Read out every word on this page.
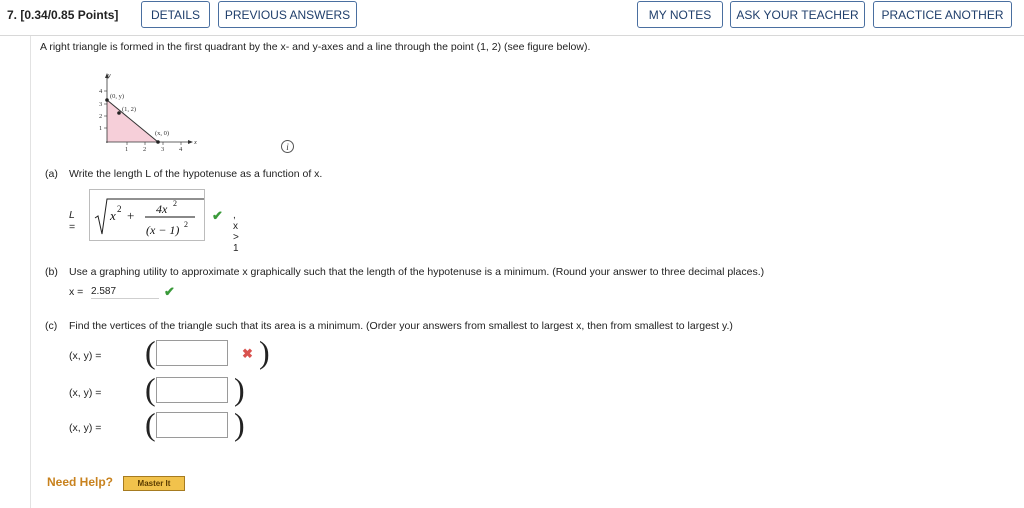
7. [0.34/0.85 Points]	DETAILS	PREVIOUS ANSWERS	MY NOTES	ASK YOUR TEACHER	PRACTICE ANOTHER
A right triangle is formed in the first quadrant by the x- and y-axes and a line through the point (1, 2) (see figure below).
y
x
4
3
2
1
1 2 3 4
(0, y)
(1, 2)
(x, 0)
i
(a) Write the length L of the hypotenuse as a function of x.
L =
x 2 + 4x 2
(x − 1) 2
✔ , x > 1
(b) Use a graphing utility to approximate x graphically such that the length of the hypotenuse is a minimum. (Round your answer to three decimal places.)
x =
2.587	✔
(c) Find the vertices of the triangle such that its area is a minimum. (Order your answers from smallest to largest x, then from smallest to largest y.)
(x, y) = (	✖ )
(x, y) = ( )
(x, y) = ( )
Need Help?	Master It
